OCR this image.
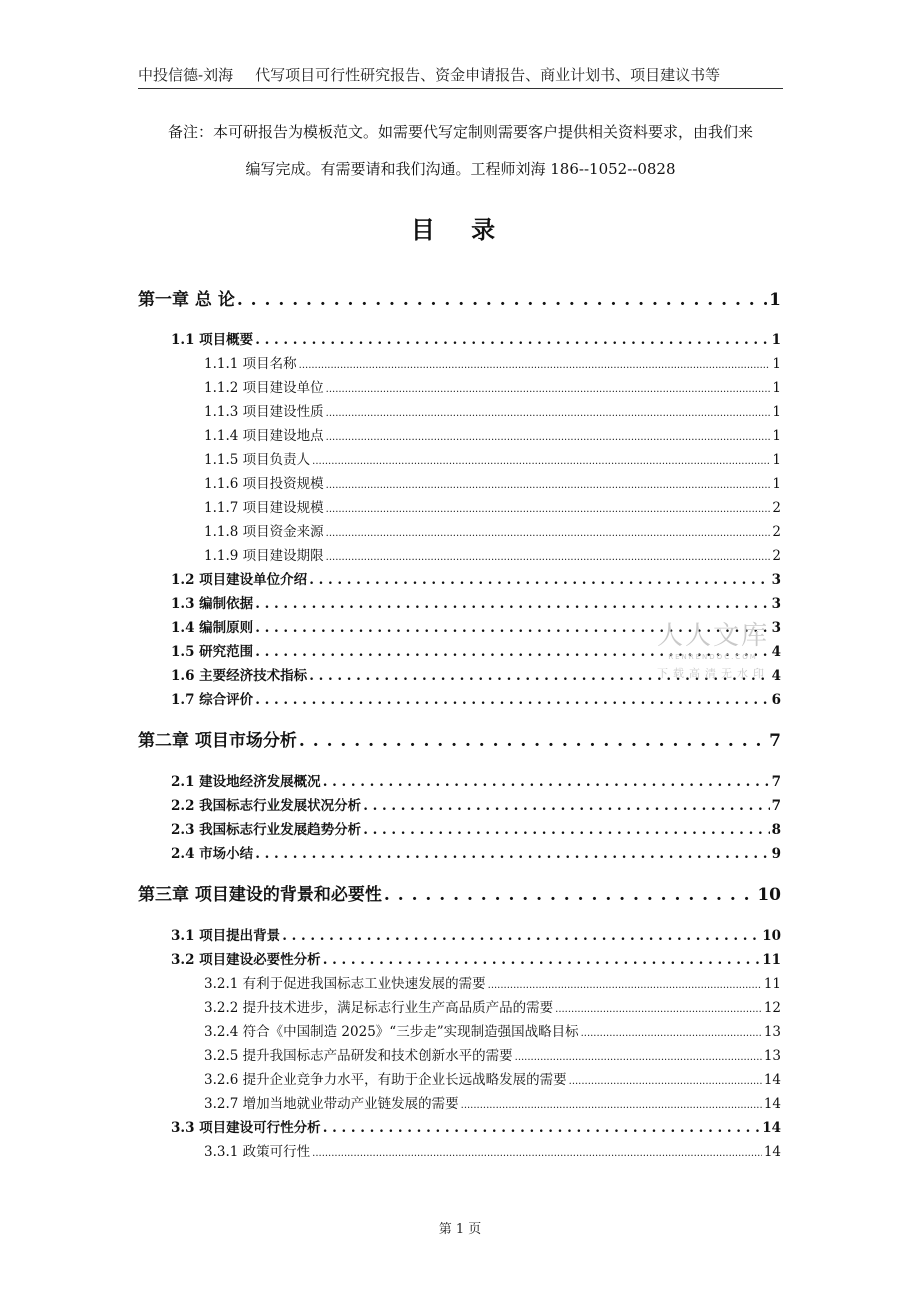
中投信德-刘海 代写项目可行性研究报告、资金申请报告、商业计划书、项目建议书等
备注：本可研报告为模板范文。如需要代写定制则需要客户提供相关资料要求，由我们来
编写完成。有需要请和我们沟通。工程师刘海 186--1052--0828
目 录
第一章 总 论 . . .	1
1.1 项目概要 . . .	1
1.1.1 项目名称 .....	1
1.1.2 项目建设单位 .....	1
1.1.3 项目建设性质 .....	1
1.1.4 项目建设地点 .....	1
1.1.5 项目负责人 .....	1
1.1.6 项目投资规模 .....	1
1.1.7 项目建设规模 .....	2
1.1.8 项目资金来源 .....	2
1.1.9 项目建设期限 .....	2
1.2 项目建设单位介绍 . . .	3
1.3 编制依据 . . .	3
1.4 编制原则 . . .	3
1.5 研究范围 . . .	4
1.6 主要经济技术指标 . . .	4
1.7 综合评价 . . .	6
第二章 项目市场分析 . . .	7
2.1 建设地经济发展概况 . . .	7
2.2 我国标志行业发展状况分析 . . .	7
2.3 我国标志行业发展趋势分析 . . .	8
2.4 市场小结 . . .	9
第三章 项目建设的背景和必要性 . . .	10
3.1 项目提出背景 . . .	10
3.2 项目建设必要性分析 . . .	11
3.2.1 有利于促进我国标志工业快速发展的需要 .....	11
3.2.2 提升技术进步，满足标志行业生产高品质产品的需要 .....	12
3.2.4 符合《中国制造 2025》“三步走”实现制造强国战略目标 .....	13
3.2.5 提升我国标志产品研发和技术创新水平的需要 .....	13
3.2.6 提升企业竞争力水平，有助于企业长远战略发展的需要 .....	14
3.2.7 增加当地就业带动产业链发展的需要 .....	14
3.3 项目建设可行性分析 . . .	14
3.3.1 政策可行性 .....	14
人人文库
RENRENDOC.COM
下载高清无水印
第 1 页
